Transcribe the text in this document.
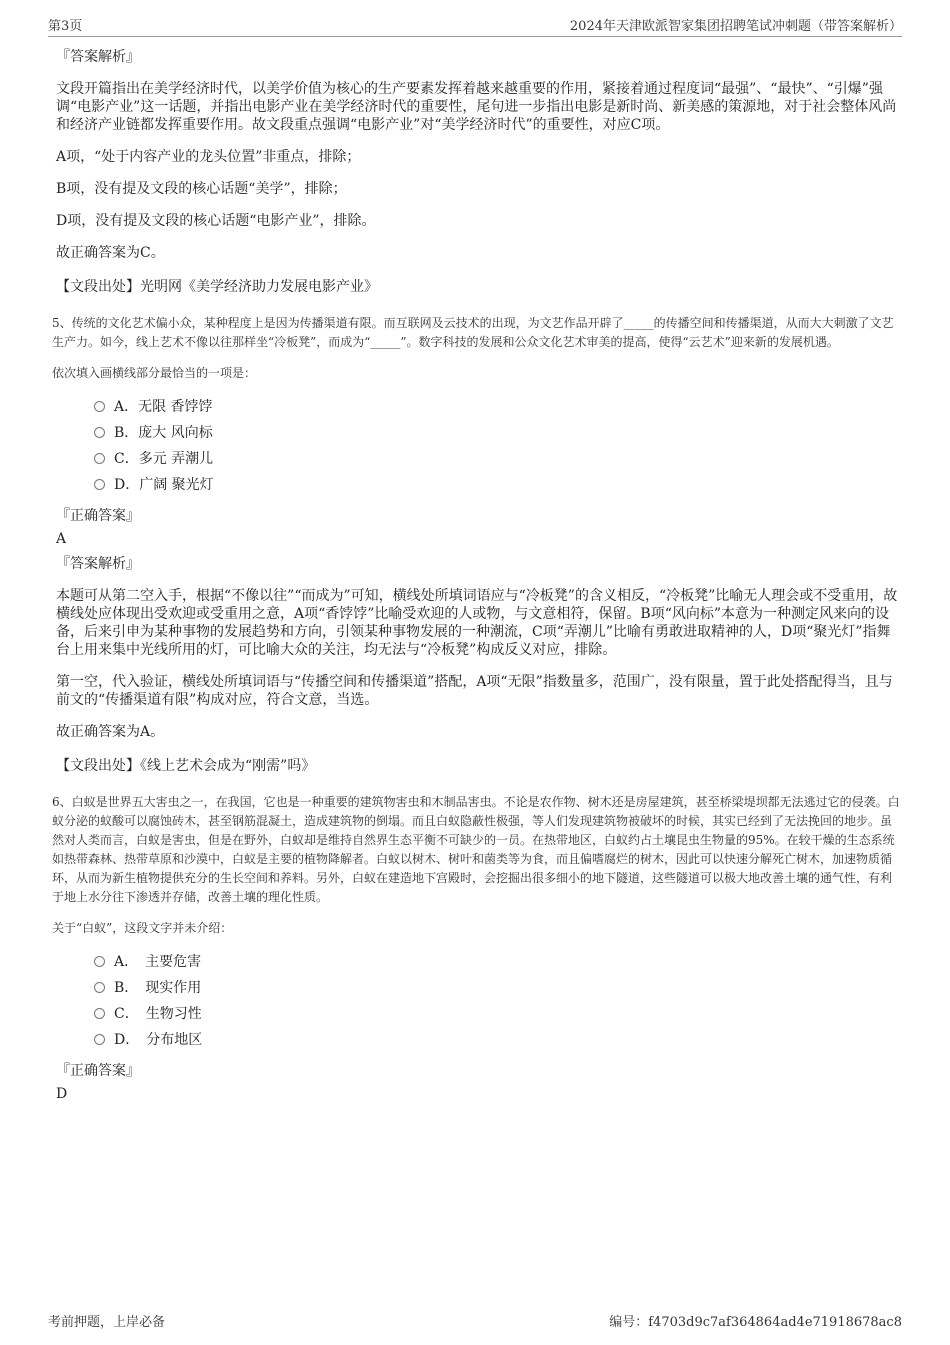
第3页	2024年天津欧派智家集团招聘笔试冲刺题（带答案解析）
『答案解析』
文段开篇指出在美学经济时代，以美学价值为核心的生产要素发挥着越来越重要的作用，紧接着通过程度词“最强”、“最快”、“引爆”强调“电影产业”这一话题，并指出电影产业在美学经济时代的重要性，尾句进一步指出电影是新时尚、新美感的策源地，对于社会整体风尚和经济产业链都发挥重要作用。故文段重点强调“电影产业”对“美学经济时代”的重要性，对应C项。
A项，“处于内容产业的龙头位置”非重点，排除；
B项，没有提及文段的核心话题“美学”，排除；
D项，没有提及文段的核心话题“电影产业”，排除。
故正确答案为C。
【文段出处】光明网《美学经济助力发展电影产业》
5、传统的文化艺术偏小众，某种程度上是因为传播渠道有限。而互联网及云技术的出现，为文艺作品开辟了_____的传播空间和传播渠道，从而大大刺激了文艺生产力。如今，线上艺术不像以往那样坐“冷板凳”，而成为“_____”。数字科技的发展和公众文化艺术审美的提高，使得“云艺术”迎来新的发展机遇。
依次填入画横线部分最恰当的一项是：
A．无限 香饽饽
B．庞大 风向标
C．多元 弄潮儿
D．广阔 聚光灯
『正确答案』
A
『答案解析』
本题可从第二空入手，根据“不像以往”“而成为”可知，横线处所填词语应与“冷板凳”的含义相反，“冷板凳”比喻无人理会或不受重用，故横线处应体现出受欢迎或受重用之意，A项“香饽饽”比喻受欢迎的人或物，与文意相符，保留。B项“风向标”本意为一种测定风来向的设备，后来引申为某种事物的发展趋势和方向，引领某种事物发展的一种潮流，C项“弄潮儿”比喻有勇敢进取精神的人，D项“聚光灯”指舞台上用来集中光线所用的灯，可比喻大众的关注，均无法与“冷板凳”构成反义对应，排除。
第一空，代入验证，横线处所填词语与“传播空间和传播渠道”搭配，A项“无限”指数量多，范围广，没有限量，置于此处搭配得当，且与前文的“传播渠道有限”构成对应，符合文意，当选。
故正确答案为A。
【文段出处】《线上艺术会成为“刚需”吗》
6、白蚁是世界五大害虫之一，在我国，它也是一种重要的建筑物害虫和木制品害虫。不论是农作物、树木还是房屋建筑，甚至桥梁堤坝都无法逃过它的侵袭。白蚁分泌的蚁酸可以腐蚀砖木，甚至钢筋混凝土，造成建筑物的倒塌。而且白蚁隐蔽性极强，等人们发现建筑物被破坏的时候，其实已经到了无法挽回的地步。虽然对人类而言，白蚁是害虫，但是在野外，白蚁却是维持自然界生态平衡不可缺少的一员。在热带地区，白蚁约占土壤昆虫生物量的95%。在较干燥的生态系统如热带森林、热带草原和沙漠中，白蚁是主要的植物降解者。白蚁以树木、树叶和菌类等为食，而且偏嗜腐烂的树木，因此可以快速分解死亡树木，加速物质循环，从而为新生植物提供充分的生长空间和养料。另外，白蚁在建造地下宫殿时，会挖掘出很多细小的地下隧道，这些隧道可以极大地改善土壤的通气性，有利于地上水分往下渗透并存储，改善土壤的理化性质。
关于“白蚁”，这段文字并未介绍：
A．　主要危害
B．　现实作用
C．　生物习性
D．　分布地区
『正确答案』
D
考前押题，上岸必备	编号：f4703d9c7af364864ad4e71918678ac8
